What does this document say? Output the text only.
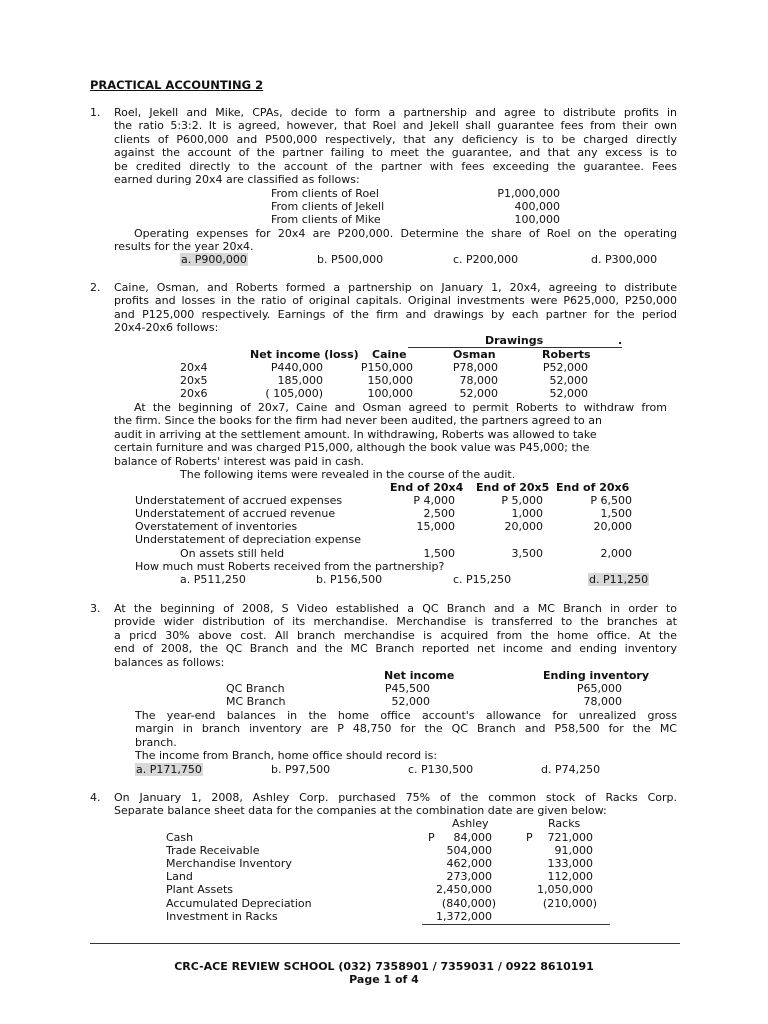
PRACTICAL ACCOUNTING 2
1. Roel, Jekell and Mike, CPAs, decide to form a partnership and agree to distribute profits in
the ratio 5:3:2. It is agreed, however, that Roel and Jekell shall guarantee fees from their own
clients of P600,000 and P500,000 respectively, that any deficiency is to be charged directly
against the account of the partner failing to meet the guarantee, and that any excess is to
be credited directly to the account of the partner with fees exceeding the guarantee. Fees
earned during 20x4 are classified as follows:
From clients of Roel	P1,000,000
From clients of Jekell	400,000
From clients of Mike	100,000
Operating expenses for 20x4 are P200,000. Determine the share of Roel on the operating
results for the year 20x4.
a. P900,000	b. P500,000	c. P200,000	d. P300,000
2. Caine, Osman, and Roberts formed a partnership on January 1, 20x4, agreeing to distribute
profits and losses in the ratio of original capitals. Original investments were P625,000, P250,000
and P125,000 respectively. Earnings of the firm and drawings by each partner for the period
20x4-20x6 follows:
Drawings	.
Net income (loss) Caine	Osman	Roberts
20x4	P440,000	P150,000	P78,000	P52,000
20x5	185,000	150,000	78,000	52,000
20x6	( 105,000)	100,000	52,000	52,000
At the beginning of 20x7, Caine and Osman agreed to permit Roberts to withdraw from
the firm. Since the books for the firm had never been audited, the partners agreed to an
audit in arriving at the settlement amount. In withdrawing, Roberts was allowed to take
certain furniture and was charged P15,000, although the book value was P45,000; the
balance of Roberts' interest was paid in cash.
The following items were revealed in the course of the audit.
End of 20x4 End of 20x5 End of 20x6
Understatement of accrued expenses	P 4,000	P 5,000	P 6,500
Understatement of accrued revenue	2,500	1,000	1,500
Overstatement of inventories	15,000	20,000	20,000
Understatement of depreciation expense
On assets still held	1,500	3,500	2,000
How much must Roberts received from the partnership?
a. P511,250	b. P156,500	c. P15,250	d. P11,250
3. At the beginning of 2008, S Video established a QC Branch and a MC Branch in order to
provide wider distribution of its merchandise. Merchandise is transferred to the branches at
a pricd 30% above cost. All branch merchandise is acquired from the home office. At the
end of 2008, the QC Branch and the MC Branch reported net income and ending inventory
balances as follows:
Net income	Ending inventory
QC Branch	P45,500	P65,000
MC Branch	52,000	78,000
The year-end balances in the home office account's allowance for unrealized gross
margin in branch inventory are P 48,750 for the QC Branch and P58,500 for the MC
branch.
The income from Branch, home office should record is:
a. P171,750	b. P97,500	c. P130,500	d. P74,250
4. On January 1, 2008, Ashley Corp. purchased 75% of the common stock of Racks Corp.
Separate balance sheet data for the companies at the combination date are given below:
Ashley	Racks
Cash	P	84,000	P	721,000
Trade Receivable	504,000	91,000
Merchandise Inventory	462,000	133,000
Land	273,000	112,000
Plant Assets	2,450,000	1,050,000
Accumulated Depreciation	(840,000)	(210,000)
Investment in Racks	1,372,000
CRC-ACE REVIEW SCHOOL (032) 7358901 / 7359031 / 0922 8610191
Page 1 of 4
